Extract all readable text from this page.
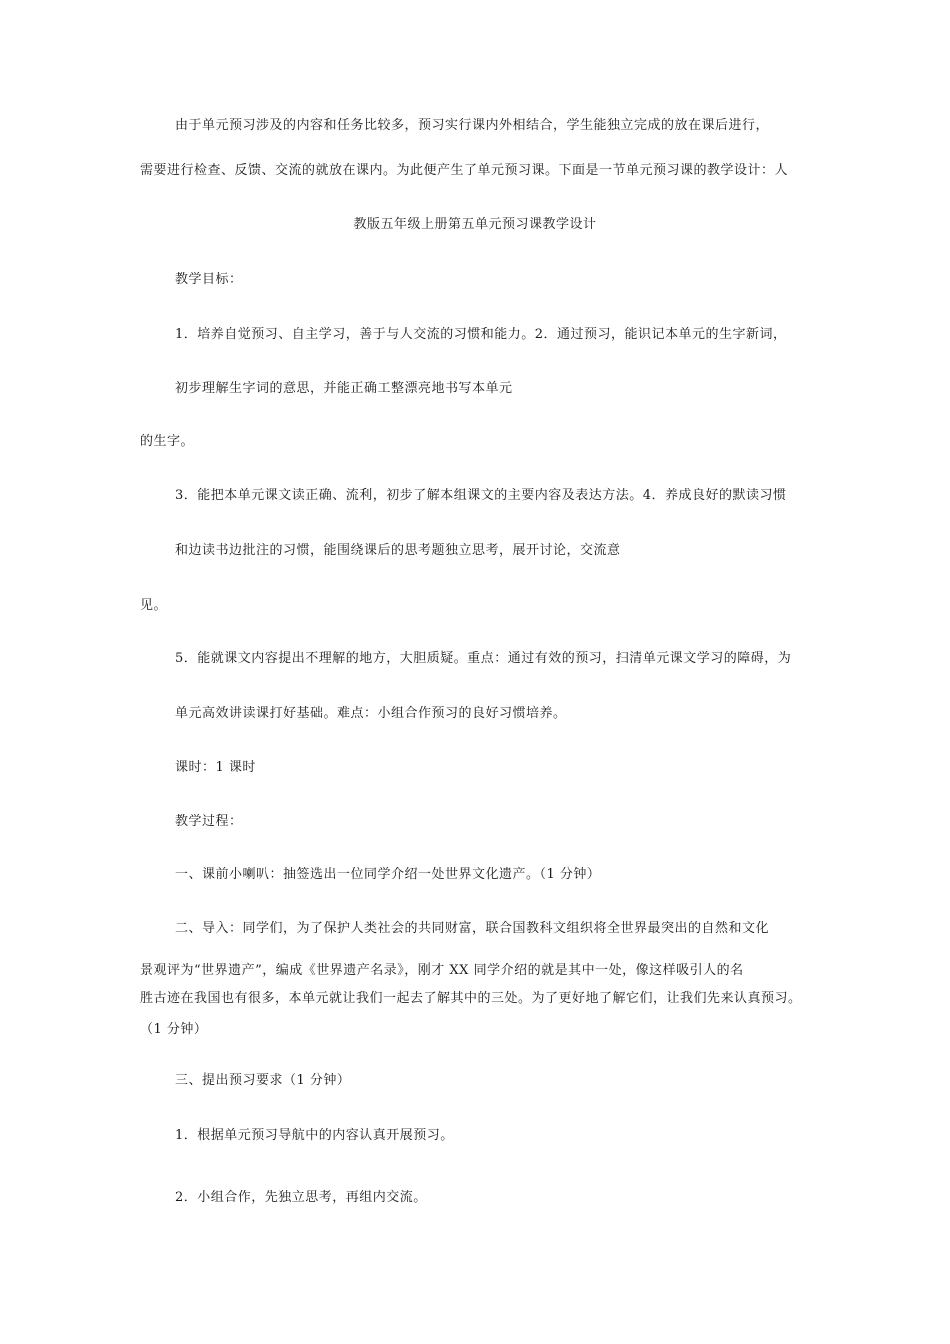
由于单元预习涉及的内容和任务比较多，预习实行课内外相结合，学生能独立完成的放在课后进行，
需要进行检查、反馈、交流的就放在课内。为此便产生了单元预习课。下面是一节单元预习课的教学设计：人
教版五年级上册第五单元预习课教学设计
教学目标：
1．培养自觉预习、自主学习，善于与人交流的习惯和能力。2．通过预习，能识记本单元的生字新词，
初步理解生字词的意思，并能正确工整漂亮地书写本单元
的生字。
3．能把本单元课文读正确、流利，初步了解本组课文的主要内容及表达方法。4．养成良好的默读习惯
和边读书边批注的习惯，能围绕课后的思考题独立思考，展开讨论，交流意
见。
5．能就课文内容提出不理解的地方，大胆质疑。重点：通过有效的预习，扫清单元课文学习的障碍，为
单元高效讲读课打好基础。难点：小组合作预习的良好习惯培养。
课时：1 课时
教学过程：
一、课前小喇叭：抽签选出一位同学介绍一处世界文化遗产。（1 分钟）
二、导入：同学们，为了保护人类社会的共同财富，联合国教科文组织将全世界最突出的自然和文化
景观评为“世界遗产”，编成《世界遗产名录》，刚才 XX 同学介绍的就是其中一处，像这样吸引人的名
胜古迹在我国也有很多，本单元就让我们一起去了解其中的三处。为了更好地了解它们，让我们先来认真预习。
（1 分钟）
三、提出预习要求（1 分钟）
1．根据单元预习导航中的内容认真开展预习。
2．小组合作，先独立思考，再组内交流。
